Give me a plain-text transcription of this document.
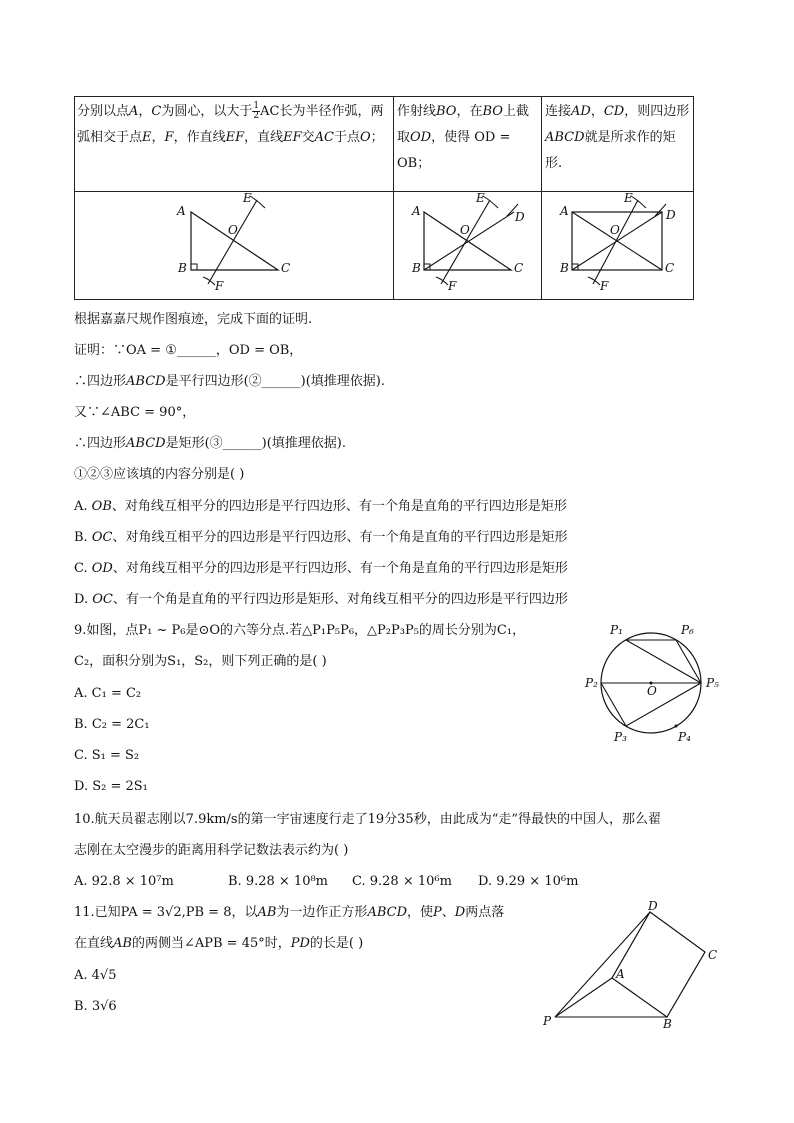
分别以点A，C为圆心，以大于 $\frac{1}{2}$ AC长为半径作弧，两弧相交于点E，F，作直线EF，直线EF交AC于点O；
作射线BO，在BO上截取OD，使得 OD = OB；
连接AD，CD，则四边形ABCD就是所求作的矩形.
A
B	C
E
F
O
A
B	C
D
E
F
O
A
B	C
D
E
F
O
根据嘉嘉尺规作图痕迹，完成下面的证明.
证明：∵OA = ①______，OD = OB，
∴四边形ABCD是平行四边形(②______)(填推理依据).
又∵∠ABC = 90°，
∴四边形ABCD是矩形(③______)(填推理依据).
①②③应该填的内容分别是( )
A. OB、对角线互相平分的四边形是平行四边形、有一个角是直角的平行四边形是矩形
B. OC、对角线互相平分的四边形是平行四边形、有一个角是直角的平行四边形是矩形
C. OD、对角线互相平分的四边形是平行四边形、有一个角是直角的平行四边形是矩形
D. OC、有一个角是直角的平行四边形是矩形、对角线互相平分的四边形是平行四边形
9.如图，点P₁ ~ P₆是⊙O的六等分点.若△P₁P₅P₆，△P₂P₃P₅的周长分别为C₁，
C₂，面积分别为S₁，S₂，则下列正确的是( )
A. C₁ = C₂
B. C₂ = 2C₁
C. S₁ = S₂
D. S₂ = 2S₁
P₁	P₆
P₂
O
P₅
P₃	P₄
10.航天员翟志刚以7.9km/s的第一宇宙速度行走了19分35秒，由此成为“走”得最快的中国人，那么翟
志刚在太空漫步的距离用科学记数法表示约为( )
A. 92.8 × 10⁷m	B. 9.28 × 10⁸m C. 9.28 × 10⁶m D. 9.29 × 10⁶m
11.已知PA = 3√2,PB = 8，以AB为一边作正方形ABCD，使P、D两点落
在直线AB的两侧当∠APB = 45°时，PD的长是( )
A. 4√5
B. 3√6
D
C
A
P	B
